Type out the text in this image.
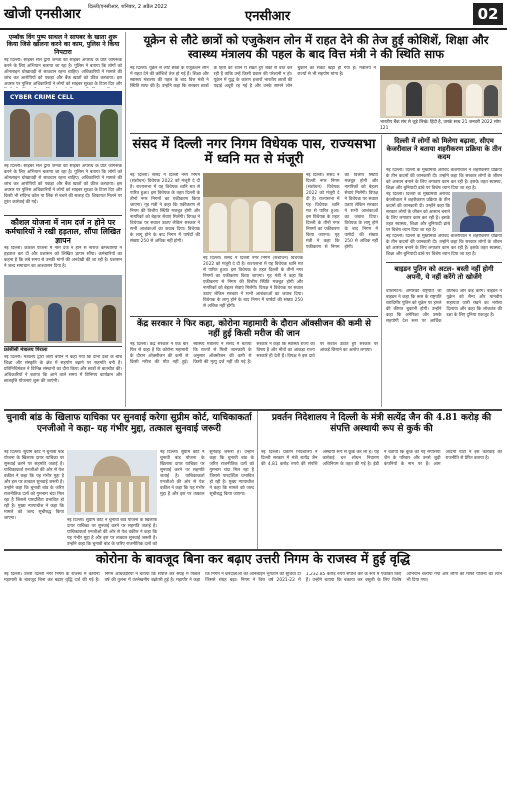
खोजी एनसीआर दिल्ली/एनसीआर, शनिवार, 2 अप्रैल 2022
एनसीआर	02
एम्बॉक विंग पुष्प साथल ने सायबर के खाता शुरू किया जिसे खोलना करने का काम, पुलिस ने किया निपटारा
नई दिल्ली। साइबर सेल द्वारा जनता को साइबर अपराध के प्रति जागरूक करने के लिए अभियान चलाया जा रहा है। पुलिस ने बताया कि लोगों को ऑनलाइन धोखाधड़ी से सावधान रहना चाहिए। अधिकारियों ने मामले की जांच कर आरोपियों को पकड़ा और बैंक खातों को फ्रीज करवाया। इस अवसर पर पुलिस अधिकारियों ने लोगों को साइबर सुरक्षा के टिप्स दिए और
CYBER CRIME CELL
नई दिल्ली। साइबर सेल द्वारा जनता को साइबर अपराध के प्रति जागरूक करने के लिए अभियान चलाया जा रहा है। पुलिस ने बताया कि लोगों को ऑनलाइन धोखाधड़ी से सावधान रहना चाहिए। अधिकारियों ने मामले की जांच कर आरोपियों को पकड़ा और बैंक खातों को फ्रीज करवाया। इस अवसर पर पुलिस अधिकारियों ने लोगों को साइबर सुरक्षा के टिप्स दिए और किसी भी संदिग्ध कॉल या लिंक से बचने की सलाह दी। शिकायत मिलने पर तुरंत कार्रवाई की गई।
कौशल योजना में नाम दर्ज न होने पर कर्मचारियों ने रखी हड़ताल, सौंपा लिखित ज्ञापन
नई दिल्ली। कौशल योजना में नाम दर्ज न होने से नाराज कर्मचारियों ने हड़ताल कर दी और प्रशासन को लिखित ज्ञापन सौंपा। कर्मचारियों का कहना है कि लंबे समय से उनकी मांगों की अनदेखी की जा रही है। प्रशासन ने जल्द समाधान का आश्वासन दिया है।
फ्रांसीसी मंत्रालय पिराला
नई दिल्ली। मंत्रालय द्वारा जारी बयान में कहा गया कि दोनों देशों के बीच शिक्षा और संस्कृति के क्षेत्र में सहयोग बढ़ाने पर सहमति बनी है। प्रतिनिधिमंडल ने विभिन्न संस्थानों का दौरा किया और छात्रों से बातचीत की। अधिकारियों ने बताया कि आने वाले समय में विनिमय कार्यक्रम और छात्रवृत्ति योजनाएं शुरू की जाएंगी।
यूक्रेन से लौटे छात्रों को एजुकेशन लोन में राहत देने की तेज हुई कोशिशें, शिक्षा और स्वास्थ्य मंत्रालय की पहल के बाद वित्त मंत्री ने की स्थिति साफ
नई दिल्ली। यूक्रेन से लौटे छात्रों के एजुकेशन लोन में राहत देने की कोशिशें तेज हो गई हैं। शिक्षा और स्वास्थ्य मंत्रालय की पहल के बाद वित्त मंत्री ने स्थिति साफ की है। उन्होंने कहा कि सरकार छात्रों के हितों को ध्यान में रखते हुए बैंकों से बात कर रही है ताकि उन्हें किसी प्रकार की परेशानी न हो। यूक्रेन में युद्ध के कारण हजारों भारतीय छात्रों की पढ़ाई अधूरी रह गई है और उनके सामने लोन चुकाने का संकट खड़ा हो गया है। मंत्रालय ने राज्यों से भी सहयोग मांगा है।
भारतीय बैंक संघ से जुड़े लिखे। हिंदी है, उसके साथ 21 जनवरी 2022 सोम 121
संसद में दिल्ली नगर निगम विधेयक पास, राज्यसभा में ध्वनि मत से मंजूरी
नई दिल्ली। संसद ने दिल्ली नगर निगम (संशोधन) विधेयक 2022 को मंजूरी दे दी है। राज्यसभा में यह विधेयक ध्वनि मत से पारित हुआ। इस विधेयक के तहत दिल्ली के तीनों नगर निगमों का एकीकरण किया जाएगा। गृह मंत्री ने कहा कि एकीकरण से निगम की वित्तीय स्थिति मजबूत होगी और नागरिकों को बेहतर सेवाएं मिलेंगी। विपक्ष ने विधेयक पर सवाल उठाए लेकिन सरकार ने सभी आशंकाओं का जवाब दिया। विधेयक के लागू होने के बाद निगम में पार्षदों की संख्या 250 से अधिक नहीं होगी।
नई दिल्ली। संसद ने दिल्ली नगर निगम (संशोधन) विधेयक 2022 को मंजूरी दे दी है। राज्यसभा में यह विधेयक ध्वनि मत से पारित हुआ। इस विधेयक के तहत दिल्ली के तीनों नगर निगमों का एकीकरण किया जाएगा। गृह मंत्री ने कहा कि एकीकरण से निगम की वित्तीय स्थिति मजबूत होगी और नागरिकों को बेहतर सेवाएं मिलेंगी। विपक्ष ने विधेयक पर सवाल उठाए लेकिन सरकार ने सभी आशंकाओं का जवाब दिया। विधेयक के लागू होने के बाद निगम में पार्षदों की संख्या 250 से अधिक नहीं होगी।
नई दिल्ली। संसद ने दिल्ली नगर निगम (संशोधन) विधेयक 2022 को मंजूरी दे दी है। राज्यसभा में यह विधेयक ध्वनि मत से पारित हुआ। इस विधेयक के तहत दिल्ली के तीनों नगर निगमों का एकीकरण किया जाएगा। गृह मंत्री ने कहा कि एकीकरण से निगम की वित्तीय स्थिति मजबूत होगी और नागरिकों को बेहतर सेवाएं मिलेंगी। विपक्ष ने विधेयक पर सवाल उठाए लेकिन सरकार ने सभी आशंकाओं का जवाब दिया। विधेयक के लागू होने के बाद निगम में पार्षदों की संख्या 250 से अधिक नहीं होगी।
केंद्र सरकार ने फिर कहा, कोरोना महामारी के दौरान ऑक्सीजन की कमी से नहीं हुई किसी मरीज की जान
नई दिल्ली। केंद्र सरकार ने एक बार फिर से कहा है कि कोरोना महामारी के दौरान ऑक्सीजन की कमी से किसी मरीज की मौत नहीं हुई। स्वास्थ्य मंत्रालय ने संसद में बताया कि राज्यों से मिली जानकारी के अनुसार ऑक्सीजन की कमी से किसी की मृत्यु दर्ज नहीं की गई है। सरकार ने कहा कि स्वास्थ्य राज्य का विषय है और मौतों का आंकड़ा राज्य सरकारें ही देती हैं। विपक्ष ने इस दावे पर सवाल उठाते हुए सरकार पर आंकड़े छिपाने का आरोप लगाया।
दिल्ली में लोगों को मिलेगा बढ़ावा, सीएम केजरीवाल ने बताया शहरीकरण प्रक्रिया के तीन कदम
नई दिल्ली। दिल्ली के मुख्यमंत्री अरविंद केजरीवाल ने शहरीकरण प्रक्रिया के तीन कदमों की जानकारी दी। उन्होंने कहा कि सरकार लोगों के जीवन को आसान बनाने के लिए लगातार काम कर रही है। इसके तहत स्वास्थ्य, शिक्षा और बुनियादी ढांचे पर विशेष ध्यान दिया जा रहा है।
नई दिल्ली। दिल्ली के मुख्यमंत्री अरविंद केजरीवाल ने शहरीकरण प्रक्रिया के तीन कदमों की जानकारी दी। उन्होंने कहा कि सरकार लोगों के जीवन को आसान बनाने के लिए लगातार काम कर रही है। इसके तहत स्वास्थ्य, शिक्षा और बुनियादी ढांचे पर विशेष ध्यान दिया जा रहा है।
नई दिल्ली। दिल्ली के मुख्यमंत्री अरविंद केजरीवाल ने शहरीकरण प्रक्रिया के तीन कदमों की जानकारी दी। उन्होंने कहा कि सरकार लोगों के जीवन को आसान बनाने के लिए लगातार काम कर रही है। इसके तहत स्वास्थ्य, शिक्षा और बुनियादी ढांचे पर विशेष ध्यान दिया जा रहा है।
बाइडन पुतिन को अटल- बस्ती नहीं होगी अपनी, ये नहीं करेंगे तो खोजेंगे
वॉशिंगटन। अमेरिकी राष्ट्रपति जो बाइडन ने कहा कि रूस के राष्ट्रपति व्लादिमीर पुतिन को यूक्रेन पर हमले की कीमत चुकानी होगी। उन्होंने कहा कि अमेरिका और उसके सहयोगी देश रूस पर आर्थिक प्रतिबंध और कड़े करेंगे। बाइडन ने यूक्रेन को सैन्य और मानवीय सहायता जारी रखने का भरोसा दिलाया और कहा कि लोकतंत्र की रक्षा के लिए दुनिया एकजुट है।
चुनावी बांड के खिलाफ याचिका पर सुनवाई करेगा सुप्रीम कोर्ट, याचिकाकर्ता एनजीओ ने कहा- यह गंभीर मुद्दा, तत्काल सुनवाई जरूरी
नई दिल्ली। सुप्रीम कोर्ट ने चुनावी बांड योजना के खिलाफ दायर याचिका पर सुनवाई करने पर सहमति जताई है। याचिकाकर्ता एनजीओ की ओर से पेश वकील ने कहा कि यह गंभीर मुद्दा है और इस पर तत्काल सुनवाई जरूरी है। उन्होंने कहा कि चुनावी बांड के जरिए राजनीतिक दलों को गुमनाम चंदा मिल रहा है जिससे पारदर्शिता प्रभावित हो रही है। मुख्य न्यायाधीश ने कहा कि मामले को जल्द सूचीबद्ध किया जाएगा।	नई दिल्ली। सुप्रीम कोर्ट ने चुनावी बांड योजना के खिलाफ दायर याचिका पर सुनवाई करने पर सहमति जताई है। याचिकाकर्ता एनजीओ की ओर से पेश वकील ने कहा कि यह गंभीर मुद्दा है और इस पर तत्काल सुनवाई जरूरी है। उन्होंने कहा कि चुनावी बांड के जरिए राजनीतिक दलों को
नई दिल्ली। सुप्रीम कोर्ट ने चुनावी बांड योजना के खिलाफ दायर याचिका पर सुनवाई करने पर सहमति जताई है। याचिकाकर्ता एनजीओ की ओर से पेश वकील ने कहा कि यह गंभीर मुद्दा है और इस पर तत्काल सुनवाई जरूरी है। उन्होंने कहा कि चुनावी बांड के जरिए राजनीतिक दलों को गुमनाम चंदा मिल रहा है जिससे पारदर्शिता प्रभावित हो रही है। मुख्य न्यायाधीश ने कहा कि मामले को जल्द सूचीबद्ध किया जाएगा।
प्रवर्तन निदेशालय ने दिल्ली के मंत्री सत्येंद्र जैन की 4.81 करोड़ की संपत्ति अस्थायी रूप से कुर्क की
नई दिल्ली। प्रवर्तन निदेशालय ने दिल्ली सरकार में मंत्री सत्येंद्र जैन की 4.81 करोड़ रुपये की संपत्ति अस्थायी रूप से कुर्क कर ली है। यह कार्रवाई धन शोधन निवारण अधिनियम के तहत की गई है। ईडी ने बताया कि कुर्क की गई संपत्तियां जैन के परिवार और उनसे जुड़ी कंपनियों के नाम पर हैं। आम आदमी पार्टी ने इस कार्रवाई को राजनीति से प्रेरित बताया है।
कोरोना के बावजूद बिना कर बढ़ाए उत्तरी निगम के राजस्व में हुई वृद्धि
नई दिल्ली। उत्तरी दिल्ली नगर निगम के राजस्व में कोरोना महामारी के बावजूद बिना कर बढ़ाए वृद्धि दर्ज की गई है। निगम अधिकारियों ने बताया कि संपत्ति कर संग्रह में पिछले वर्ष की तुलना में उल्लेखनीय बढ़ोतरी हुई है। महापौर ने कहा कि निगम ने करदाताओं को ऑनलाइन भुगतान की सुविधा दी जिससे संग्रह बढ़ा। निगम ने वित्त वर्ष 2021-22 में 1,232.85 करोड़ रुपये संपत्ति कर के रूप में एकत्रित किए हैं। उन्होंने बताया कि बकाया कर वसूली के लिए विशेष अभियान चलाया गया और लोगों को माफी योजना का लाभ भी दिया गया।
